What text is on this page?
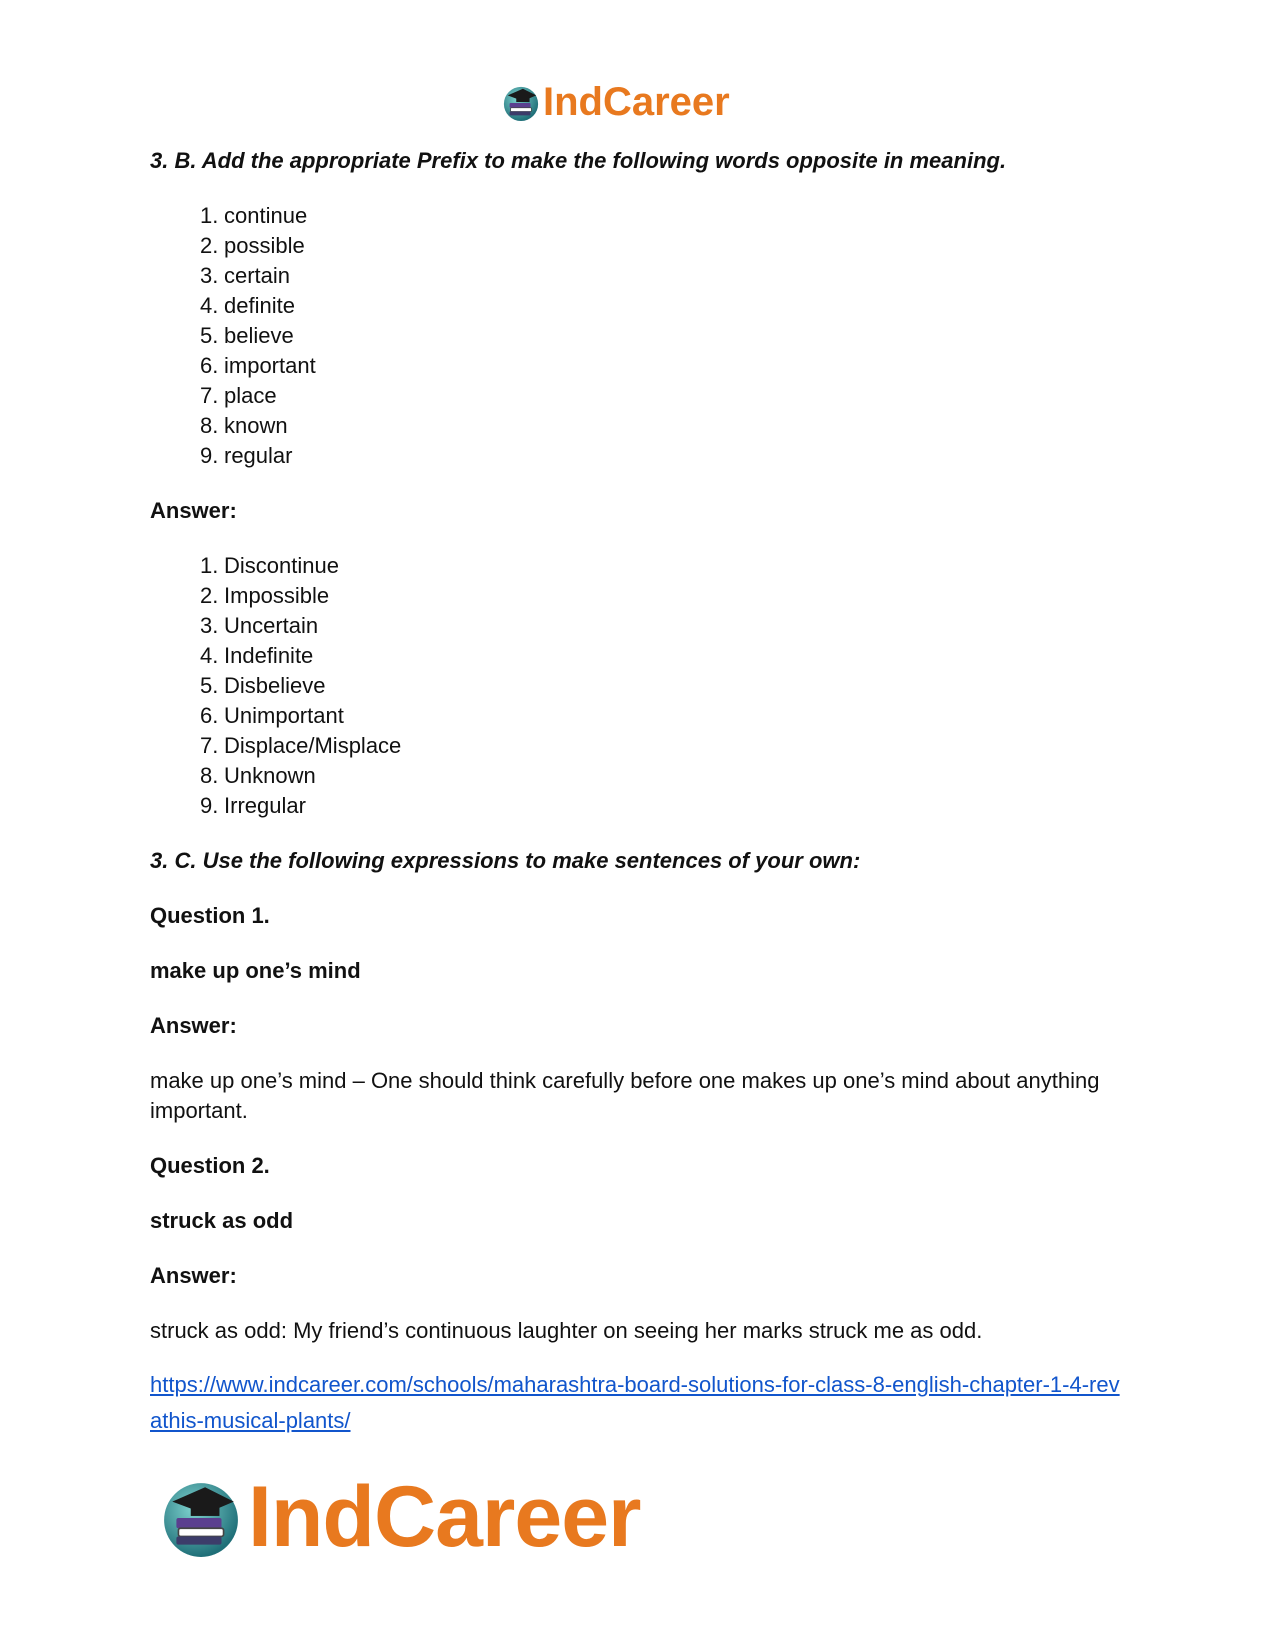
IndCareer
3. B. Add the appropriate Prefix to make the following words opposite in meaning.
1. continue
2. possible
3. certain
4. definite
5. believe
6. important
7. place
8. known
9. regular
Answer:
1. Discontinue
2. Impossible
3. Uncertain
4. Indefinite
5. Disbelieve
6. Unimportant
7. Displace/Misplace
8. Unknown
9. Irregular
3. C. Use the following expressions to make sentences of your own:
Question 1.
make up one’s mind
Answer:
make up one’s mind – One should think carefully before one makes up one’s mind about anything important.
Question 2.
struck as odd
Answer:
struck as odd: My friend’s continuous laughter on seeing her marks struck me as odd.
https://www.indcareer.com/schools/maharashtra-board-solutions-for-class-8-english-chapter-1-4-revathis-musical-plants/
IndCareer
